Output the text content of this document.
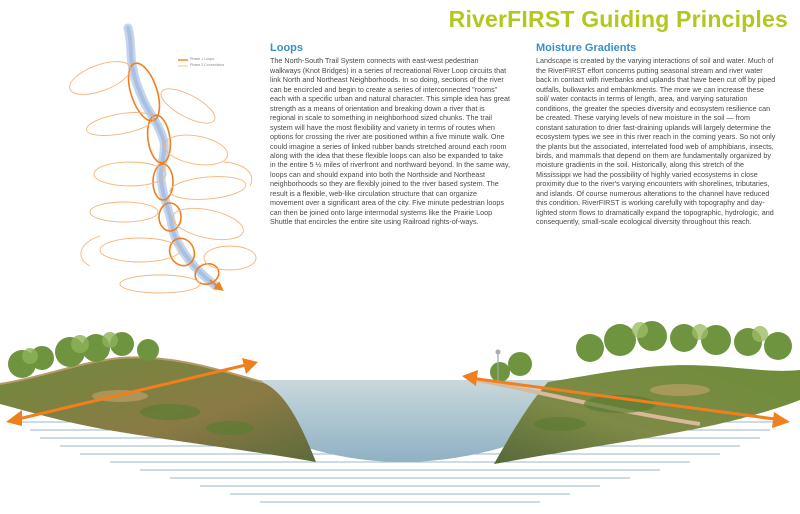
RiverFIRST Guiding Principles
Phase 1 Loops
Phase 2 Connections
Loops

The North-South Trail System connects with east-west pedestrian walkways (Knot Bridges) in a series of recreational River Loop circuits that link North and Northeast Neighborhoods. In so doing, sections of the river can be encircled and begin to create a series of interconnected "rooms" each with a specific urban and natural character. This simple idea has great strength as a means of orientation and breaking down a river that is regional in scale to something in neighborhood sized chunks. The trail system will have the most flexibility and variety in terms of routes when options for crossing the river are positioned within a five minute walk. One could imagine a series of linked rubber bands stretched around each room along with the idea that these flexible loops can also be expanded to take in the entire 5 ½ miles of riverfront and northward beyond. In the same way, loops can and should expand into both the Northside and Northeast neighborhoods so they are flexibly joined to the river based system. The result is a flexible, web-like circulation structure that can organize movement over a significant area of the city. Five minute pedestrian loops can then be joined onto large intermodal systems like the Prairie Loop Shuttle that encircles the entire site using Railroad rights-of-ways.

Moisture Gradients

Landscape is created by the varying interactions of soil and water. Much of the RiverFIRST effort concerns putting seasonal stream and river water back in contact with riverbanks and uplands that have been cut off by piped outfalls, bulkwarks and embankments. The more we can increase these soil/ water contacts in terms of length, area, and varying saturation conditions, the greater the species diversity and ecosystem resilience can be created. These varying levels of new moisture in the soil — from constant saturation to drier fast-draining uplands will largely determine the ecosystem types we see in this river reach in the coming years. So not only the plants but the associated, interrelated food web of amphibians, insects, birds, and mammals that depend on them are fundamentally organized by moisture gradients in the soil. Historically, along this stretch of the Mississippi we had the possibility of highly varied ecosystems in close proximity due to the river's varying encounters with shorelines, tributaries, and islands. Of course numerous alterations to the channel have reduced this condition. RiverFIRST is working carefully with topography and day-lighted storm flows to dramatically expand the topographic, hydrologic, and consequently, small-scale ecological diversity throughout this reach.
